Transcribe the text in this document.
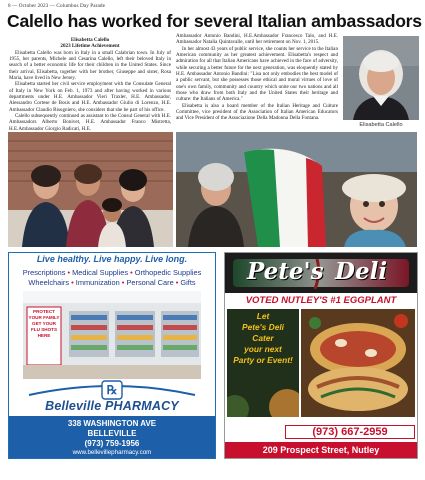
8 — October 2023 — Columbus Day Parade
Calello has worked for several Italian ambassadors
Elisabetta Calello
2023 Lifetime Achievement

Elisabetta Calello was born in Italy in a small Calabrian town. In July of 1955, her parents, Michele and Cesarina Calello, left their beloved Italy in search of a better economic life for their children in the United States. Since their arrival, Elisabetta, together with her brother, Giuseppe and sister, Rosa Maria, have lived in New Jersey.

Elisabetta started her civil service employment with the Consulate General of Italy in New York on Feb. 1, 1973 and after having worked in various departments under H.E. Ambassador Vieri Traxler, H.E. Ambassador, Alessandro Cortese de Bosis and H.E. Ambassador Giulio di Lorenzo, H.E. Ambassador Claudio Bisogniero, she considers that she be part of his office.

Calello subsequently continued as assistant to the Consul General with H.E. Ambassadors Alberto Bonivet, H.E. Ambassador Franco Mistretta, H.E.Ambassador Giorgio Radicati, H.E.

Ambassador Antonio Bandini, H.E.Ambassador Francesco Talo, and H.E. Ambassador Natalia Quintavalle, until her retirement on Nov. 1, 2015.

In her almost 43 years of public service, she counts her service to the Italian American community as her greatest achievement. Elisabetta's respect and admiration for all that Italian Americans have achieved in the face of adversity, while securing a better future for the next generation, was eloquently stated by H.E. Ambassador Antonio Bandini: "Lisa not only embodies the best model of a public servant, but she possesses those ethical and moral virtues of love of one's own family, community and country which unite our two nations and all those who draw from both Italy and the United States their heritage and culture: the Italians of America."

Elisabetta is also a board member of the Italian Heritage and Culture Committee, vice president of the Association of Italian American Educators and Vice President of the Associazione Della Madonna Della Fontana.

Elisabetta Calello
Live healthy. Live happy. Live long.
Prescriptions • Medical Supplies • Orthopedic Supplies
Wheelchairs • Immunization • Personal Care • Gifts
PROTECT YOUR FAMILY GET YOUR FLU SHOTS HERE
℞
Belleville PHARMACY
338 WASHINGTON AVE
BELLEVILLE
(973) 759-1956
www.bellevillepharmacy.com
Pete's Deli
VOTED NUTLEY'S #1 EGGPLANT
Let
Pete's Deli
Cater
your next
Party or Event!
(973) 667-2959
209 Prospect Street, Nutley
